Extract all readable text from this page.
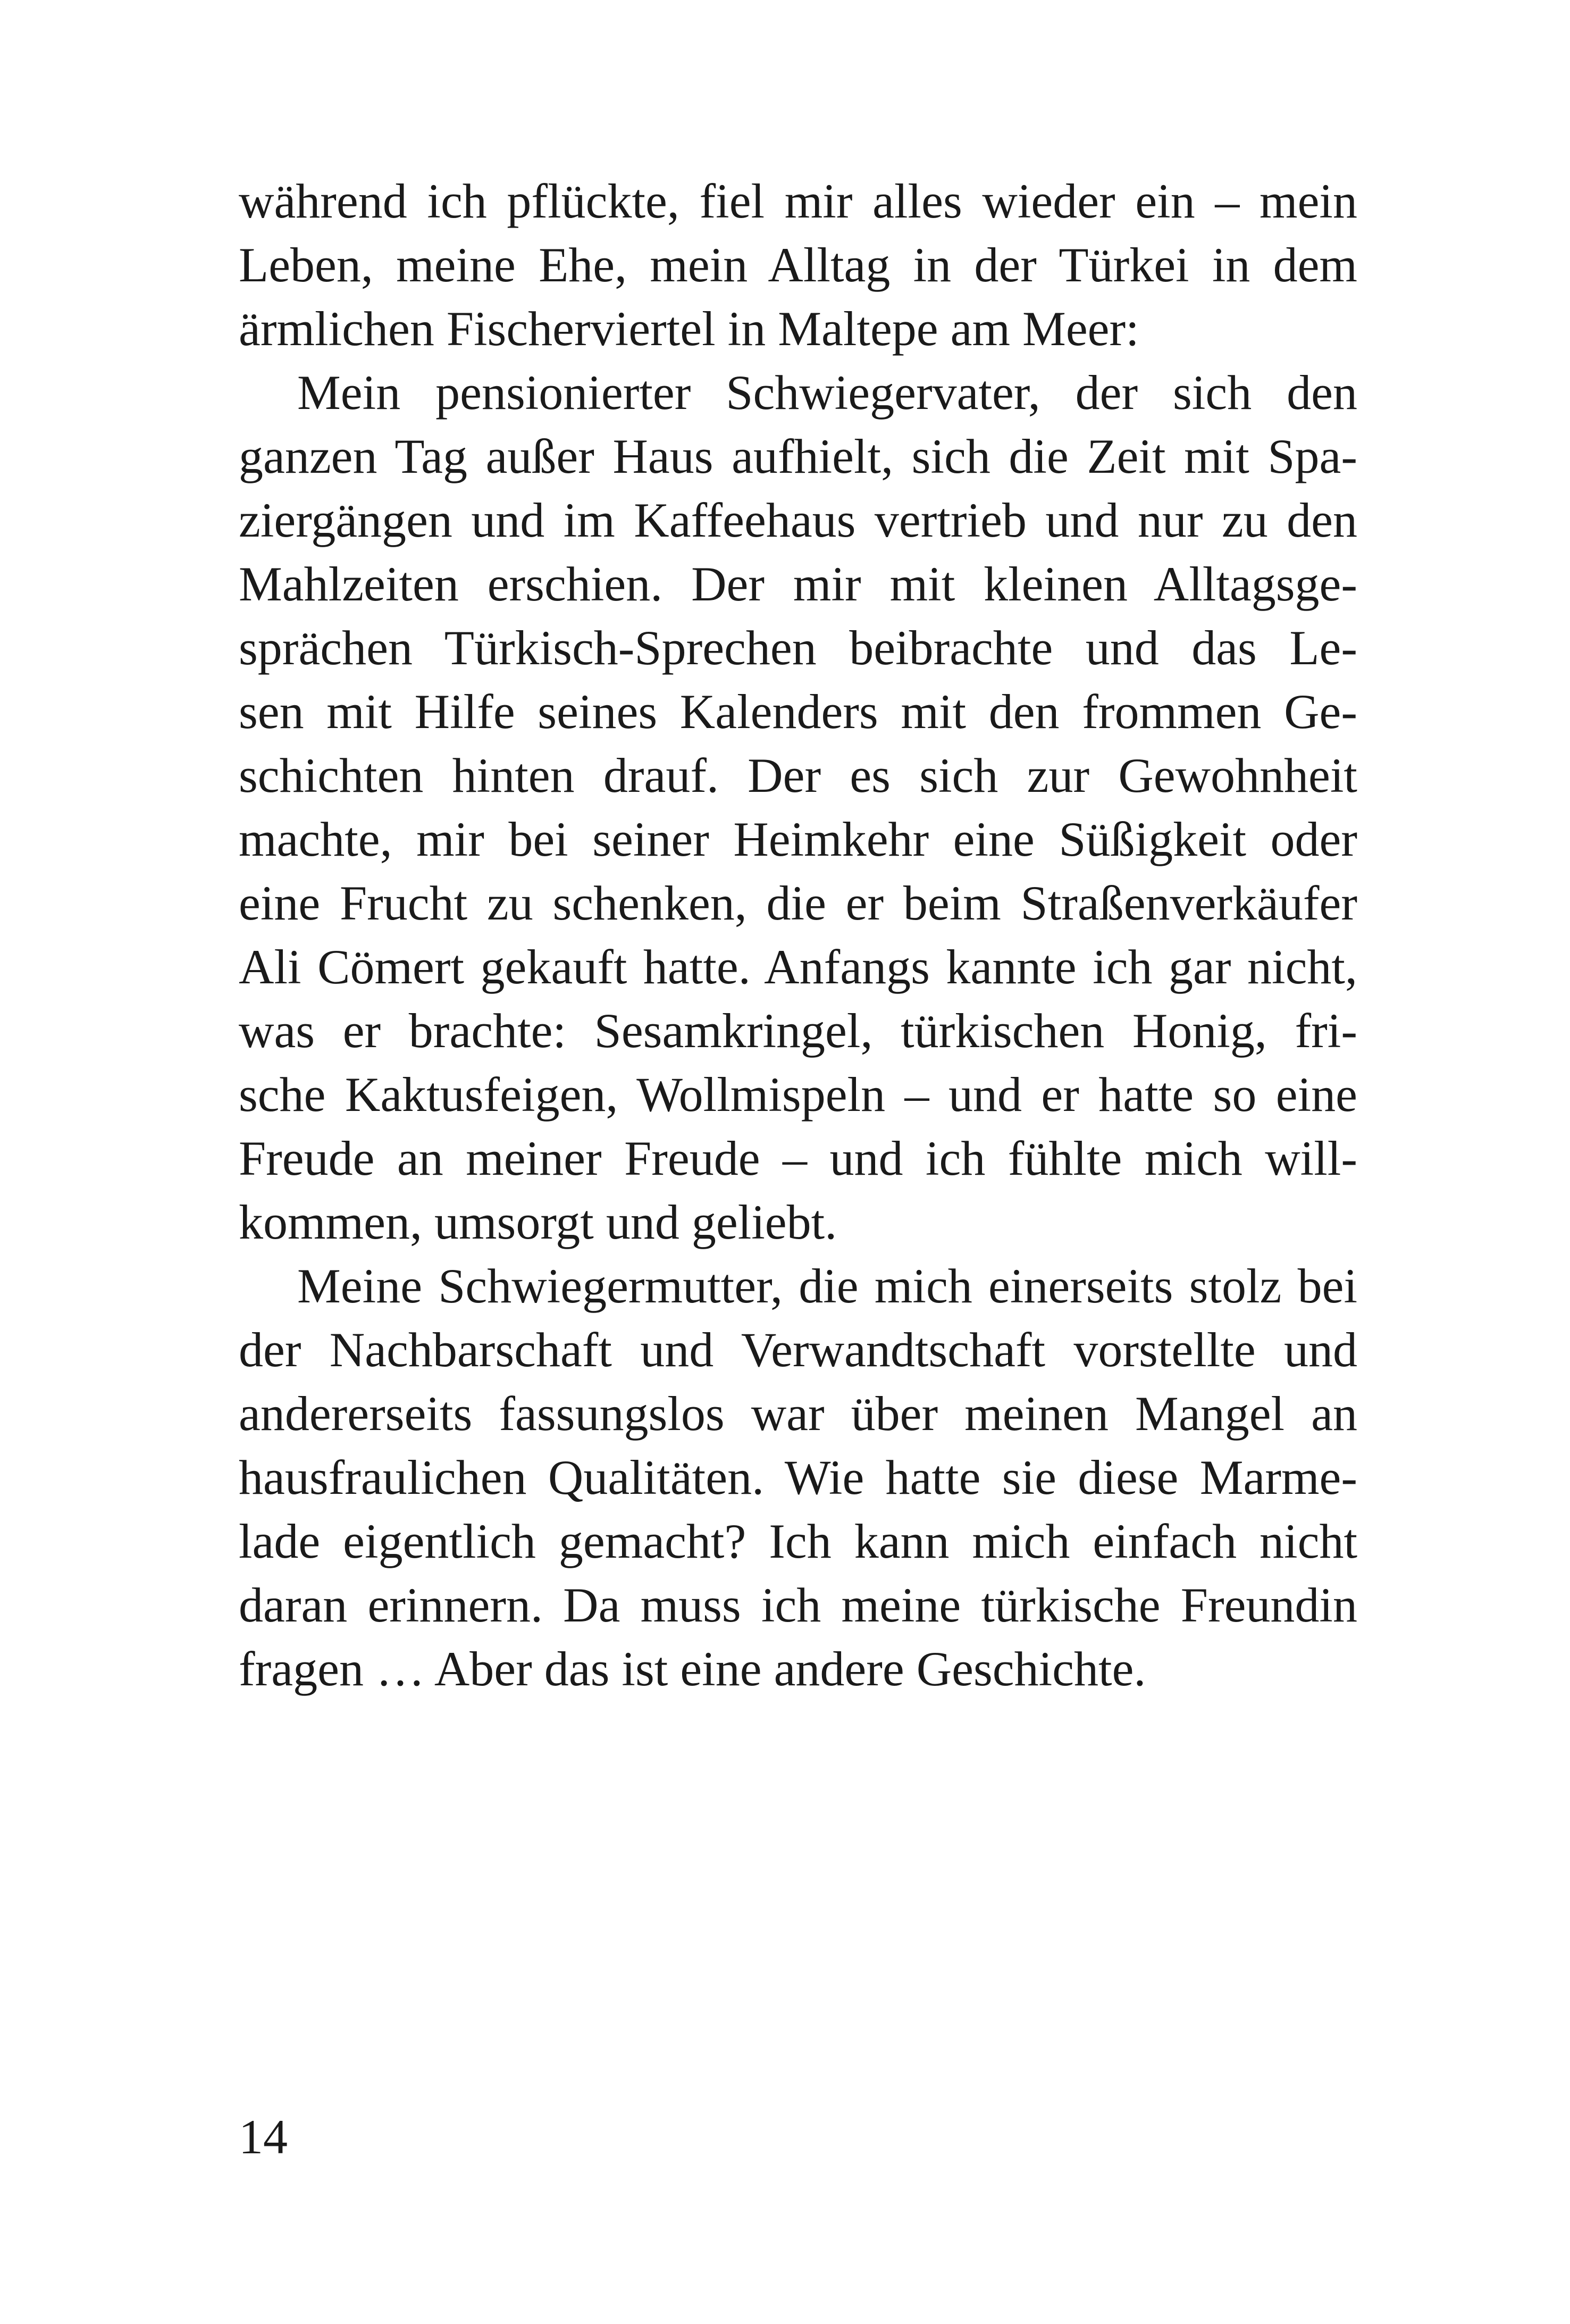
während ich pflückte, fiel mir alles wieder ein – mein
Leben, meine Ehe, mein Alltag in der Türkei in dem
ärmlichen Fischerviertel in Maltepe am Meer:
Mein pensionierter Schwiegervater, der sich den
ganzen Tag außer Haus aufhielt, sich die Zeit mit Spa-
ziergängen und im Kaffeehaus vertrieb und nur zu den
Mahlzeiten erschien. Der mir mit kleinen Alltagsge-
sprächen Türkisch-Sprechen beibrachte und das Le-
sen mit Hilfe seines Kalenders mit den frommen Ge-
schichten hinten drauf. Der es sich zur Gewohnheit
machte, mir bei seiner Heimkehr eine Süßigkeit oder
eine Frucht zu schenken, die er beim Straßenverkäufer
Ali Cömert gekauft hatte. Anfangs kannte ich gar nicht,
was er brachte: Sesamkringel, türkischen Honig, fri-
sche Kaktusfeigen, Wollmispeln – und er hatte so eine
Freude an meiner Freude – und ich fühlte mich will-
kommen, umsorgt und geliebt.
Meine Schwiegermutter, die mich einerseits stolz bei
der Nachbarschaft und Verwandtschaft vorstellte und
andererseits fassungslos war über meinen Mangel an
hausfraulichen Qualitäten. Wie hatte sie diese Marme-
lade eigentlich gemacht? Ich kann mich einfach nicht
daran erinnern. Da muss ich meine türkische Freundin
fragen … Aber das ist eine andere Geschichte.
14
